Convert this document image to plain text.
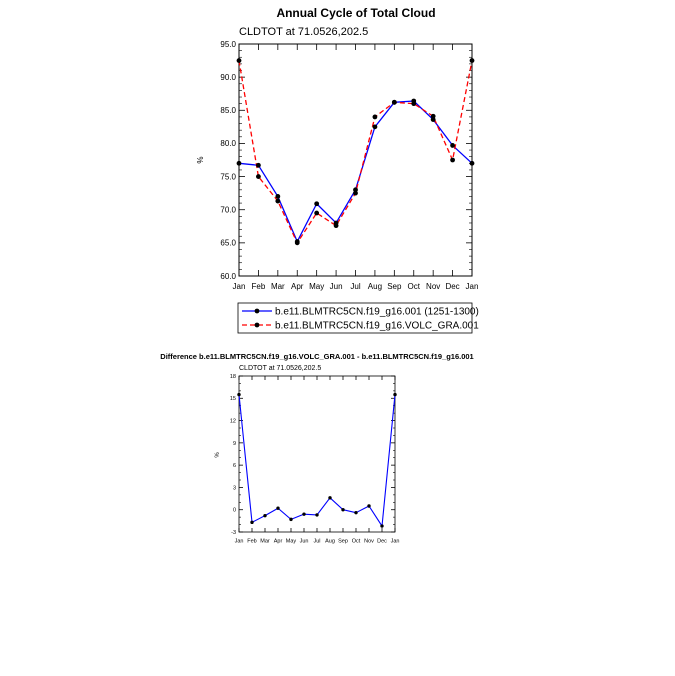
Annual Cycle of Total Cloud
CLDTOT at 71.0526,202.5
%
60.0
65.0
70.0
75.0
80.0
85.0
90.0
95.0
Jan Feb Mar Apr May Jun Jul Aug Sep Oct Nov Dec Jan
b.e11.BLMTRC5CN.f19_g16.001 (1251-1300)
b.e11.BLMTRC5CN.f19_g16.VOLC_GRA.001
Difference b.e11.BLMTRC5CN.f19_g16.VOLC_GRA.001 - b.e11.BLMTRC5CN.f19_g16.001
CLDTOT at 71.0526,202.5
%
-3
0
3
6
9
12
15
18
Jan Feb Mar Apr May Jun Jul Aug Sep Oct Nov Dec Jan
